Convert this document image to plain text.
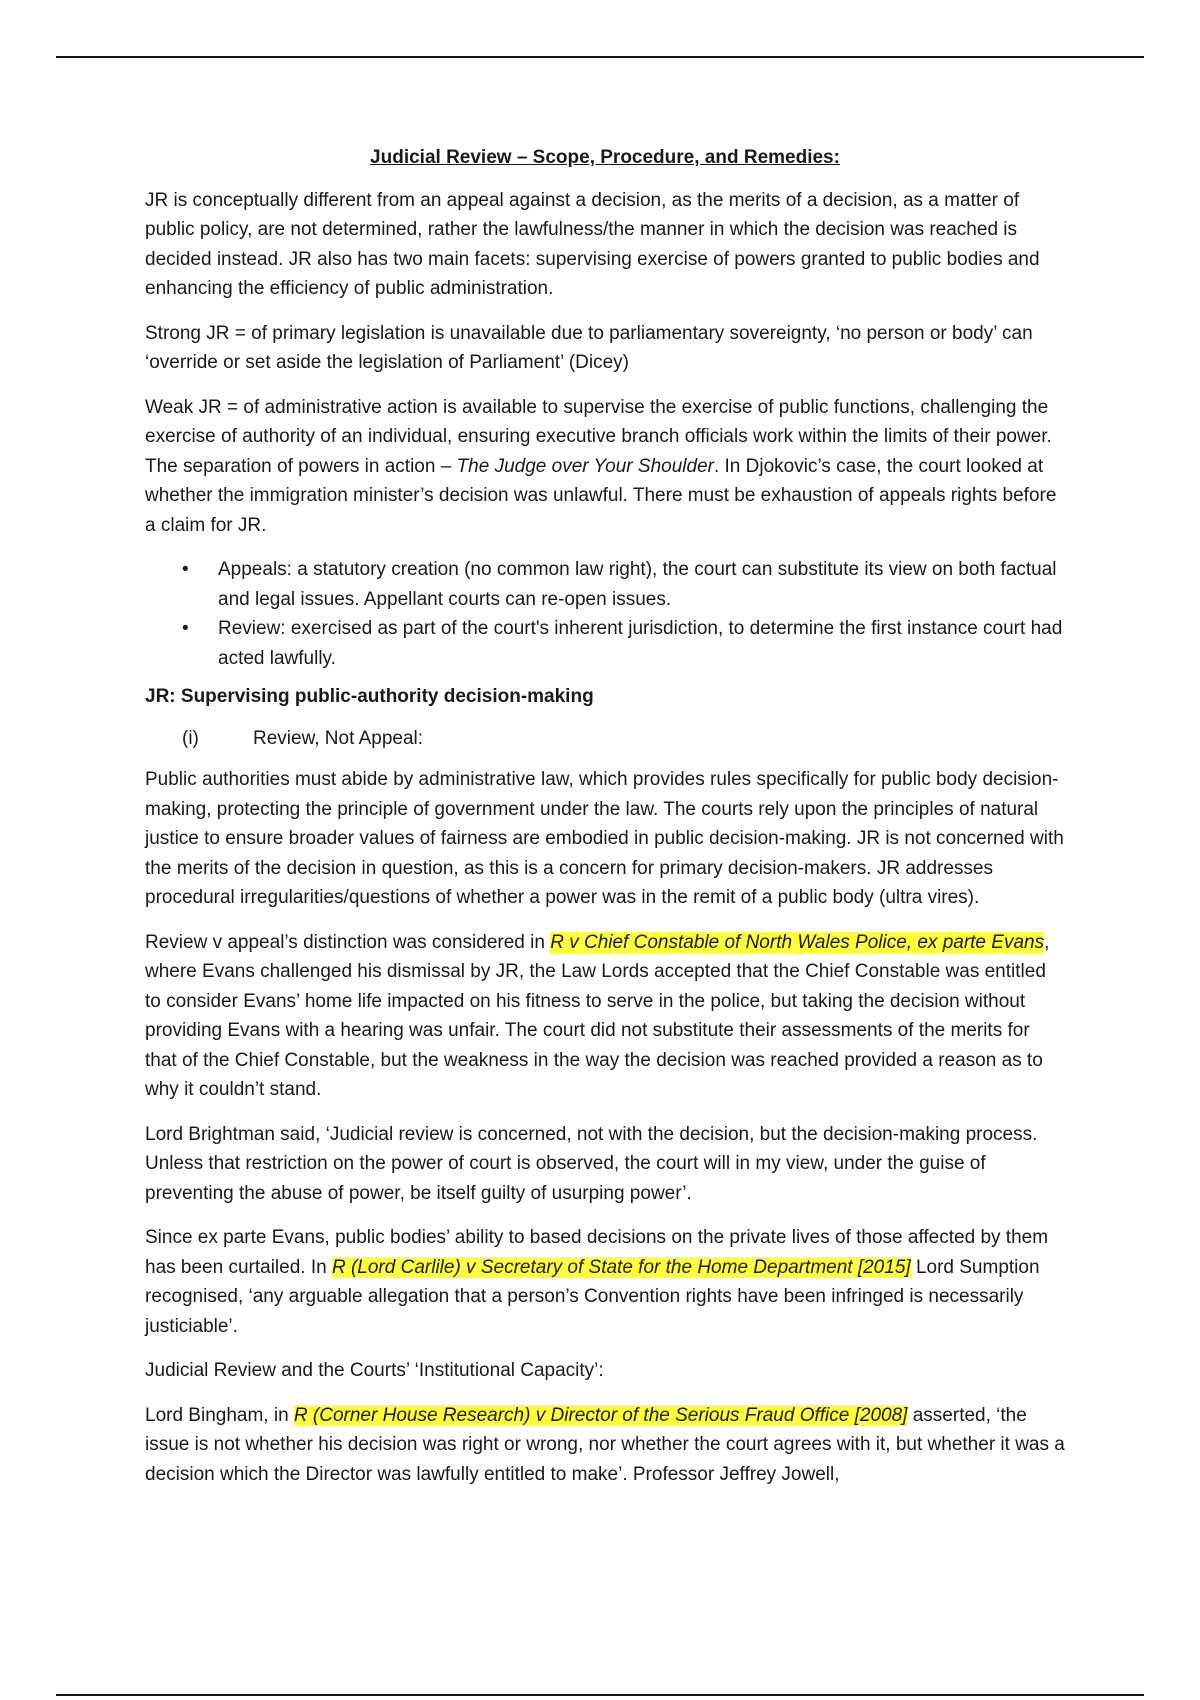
Judicial Review – Scope, Procedure, and Remedies:

JR is conceptually different from an appeal against a decision, as the merits of a decision, as a matter of public policy, are not determined, rather the lawfulness/the manner in which the decision was reached is decided instead. JR also has two main facets: supervising exercise of powers granted to public bodies and enhancing the efficiency of public administration.

Strong JR = of primary legislation is unavailable due to parliamentary sovereignty, ‘no person or body’ can ‘override or set aside the legislation of Parliament’ (Dicey)

Weak JR = of administrative action is available to supervise the exercise of public functions, challenging the exercise of authority of an individual, ensuring executive branch officials work within the limits of their power. The separation of powers in action – The Judge over Your Shoulder. In Djokovic’s case, the court looked at whether the immigration minister’s decision was unlawful. There must be exhaustion of appeals rights before a claim for JR.

• Appeals: a statutory creation (no common law right), the court can substitute its view on both factual and legal issues. Appellant courts can re-open issues.
• Review: exercised as part of the court's inherent jurisdiction, to determine the first instance court had acted lawfully.
JR: Supervising public-authority decision-making
(i)	Review, Not Appeal:

Public authorities must abide by administrative law, which provides rules specifically for public body decision-making, protecting the principle of government under the law. The courts rely upon the principles of natural justice to ensure broader values of fairness are embodied in public decision-making. JR is not concerned with the merits of the decision in question, as this is a concern for primary decision-makers. JR addresses procedural irregularities/questions of whether a power was in the remit of a public body (ultra vires).

Review v appeal’s distinction was considered in R v Chief Constable of North Wales Police, ex parte Evans, where Evans challenged his dismissal by JR, the Law Lords accepted that the Chief Constable was entitled to consider Evans’ home life impacted on his fitness to serve in the police, but taking the decision without providing Evans with a hearing was unfair. The court did not substitute their assessments of the merits for that of the Chief Constable, but the weakness in the way the decision was reached provided a reason as to why it couldn’t stand.

Lord Brightman said, ‘Judicial review is concerned, not with the decision, but the decision-making process. Unless that restriction on the power of court is observed, the court will in my view, under the guise of preventing the abuse of power, be itself guilty of usurping power’.

Since ex parte Evans, public bodies’ ability to based decisions on the private lives of those affected by them has been curtailed. In R (Lord Carlile) v Secretary of State for the Home Department [2015] Lord Sumption recognised, ‘any arguable allegation that a person’s Convention rights have been infringed is necessarily justiciable’.

Judicial Review and the Courts’ ‘Institutional Capacity’:

Lord Bingham, in R (Corner House Research) v Director of the Serious Fraud Office [2008] asserted, ‘the issue is not whether his decision was right or wrong, nor whether the court agrees with it, but whether it was a decision which the Director was lawfully entitled to make’. Professor Jeffrey Jowell,
